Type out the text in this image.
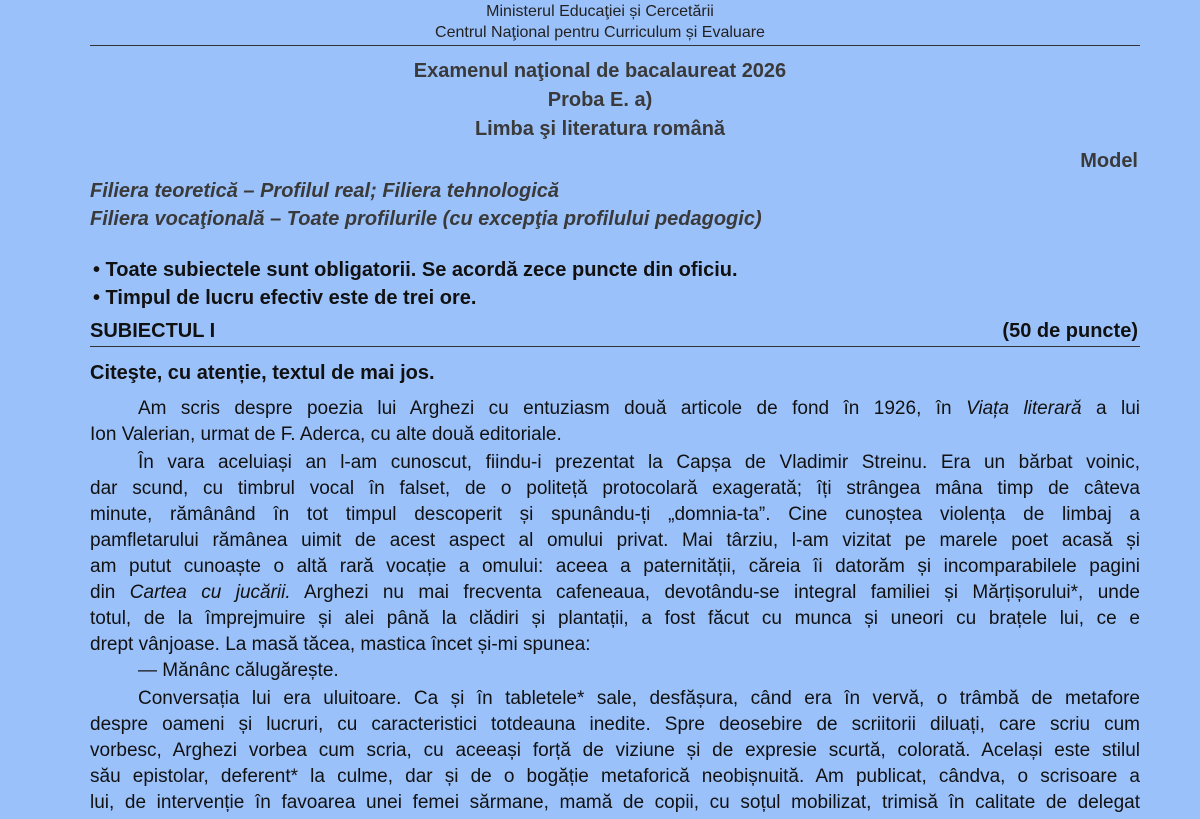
Ministerul Educaţiei și Cercetării
Centrul Naţional pentru Curriculum și Evaluare
Examenul naţional de bacalaureat 2026
Proba E. a)
Limba şi literatura română
Model
Filiera teoretică – Profilul real; Filiera tehnologică
Filiera vocaţională – Toate profilurile (cu excepţia profilului pedagogic)
• Toate subiectele sunt obligatorii. Se acordă zece puncte din oficiu.
• Timpul de lucru efectiv este de trei ore.
SUBIECTUL I	(50 de puncte)
Citeşte, cu atenție, textul de mai jos.
Am scris despre poezia lui Arghezi cu entuziasm două articole de fond în 1926, în Viața literară a lui
Ion Valerian, urmat de F. Aderca, cu alte două editoriale.
În vara aceluiași an l-am cunoscut, fiindu-i prezentat la Capșa de Vladimir Streinu. Era un bărbat voinic,
dar scund, cu timbrul vocal în falset, de o politeță protocolară exagerată; îți strângea mâna timp de câteva
minute, rămânând în tot timpul descoperit și spunându-ți „domnia-ta”. Cine cunoștea violența de limbaj a
pamfletarului rămânea uimit de acest aspect al omului privat. Mai târziu, l-am vizitat pe marele poet acasă și
am putut cunoaște o altă rară vocație a omului: aceea a paternității, căreia îi datorăm și incomparabilele pagini
din Cartea cu jucării. Arghezi nu mai frecventa cafeneaua, devotându-se integral familiei și Mărțișorului*, unde
totul, de la împrejmuire și alei până la clădiri și plantații, a fost făcut cu munca și uneori cu brațele lui, ce e
drept vânjoase. La masă tăcea, mastica încet și-mi spunea:
— Mănânc călugărește.
Conversația lui era uluitoare. Ca și în tabletele* sale, desfășura, când era în vervă, o trâmbă de metafore
despre oameni și lucruri, cu caracteristici totdeauna inedite. Spre deosebire de scriitorii diluați, care scriu cum
vorbesc, Arghezi vorbea cum scria, cu aceeași forță de viziune și de expresie scurtă, colorată. Același este stilul
său epistolar, deferent* la culme, dar și de o bogăție metaforică neobișnuită. Am publicat, cândva, o scrisoare a
lui, de intervenție în favoarea unei femei sărmane, mamă de copii, cu soțul mobilizat, trimisă în calitate de delegat
